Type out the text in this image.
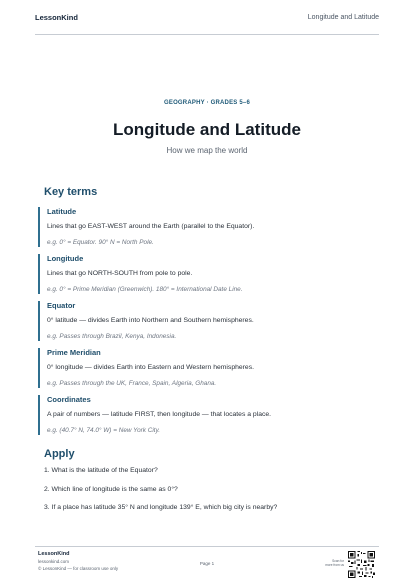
LessonKind	Longitude and Latitude
GEOGRAPHY · GRADES 5–6
Longitude and Latitude
How we map the world
Key terms
Latitude
Lines that go EAST-WEST around the Earth (parallel to the Equator).
e.g. 0° = Equator. 90° N = North Pole.
Longitude
Lines that go NORTH-SOUTH from pole to pole.
e.g. 0° = Prime Meridian (Greenwich). 180° = International Date Line.
Equator
0° latitude — divides Earth into Northern and Southern hemispheres.
e.g. Passes through Brazil, Kenya, Indonesia.
Prime Meridian
0° longitude — divides Earth into Eastern and Western hemispheres.
e.g. Passes through the UK, France, Spain, Algeria, Ghana.
Coordinates
A pair of numbers — latitude FIRST, then longitude — that locates a place.
e.g. (40.7° N, 74.0° W) = New York City.
Apply
1. What is the latitude of the Equator?
2. Which line of longitude is the same as 0°?
3. If a place has latitude 35° N and longitude 139° E, which big city is nearby?
LessonKind
lessonkind.com
© LessonKind — for classroom use only
Page 1	Scan for
more from us
